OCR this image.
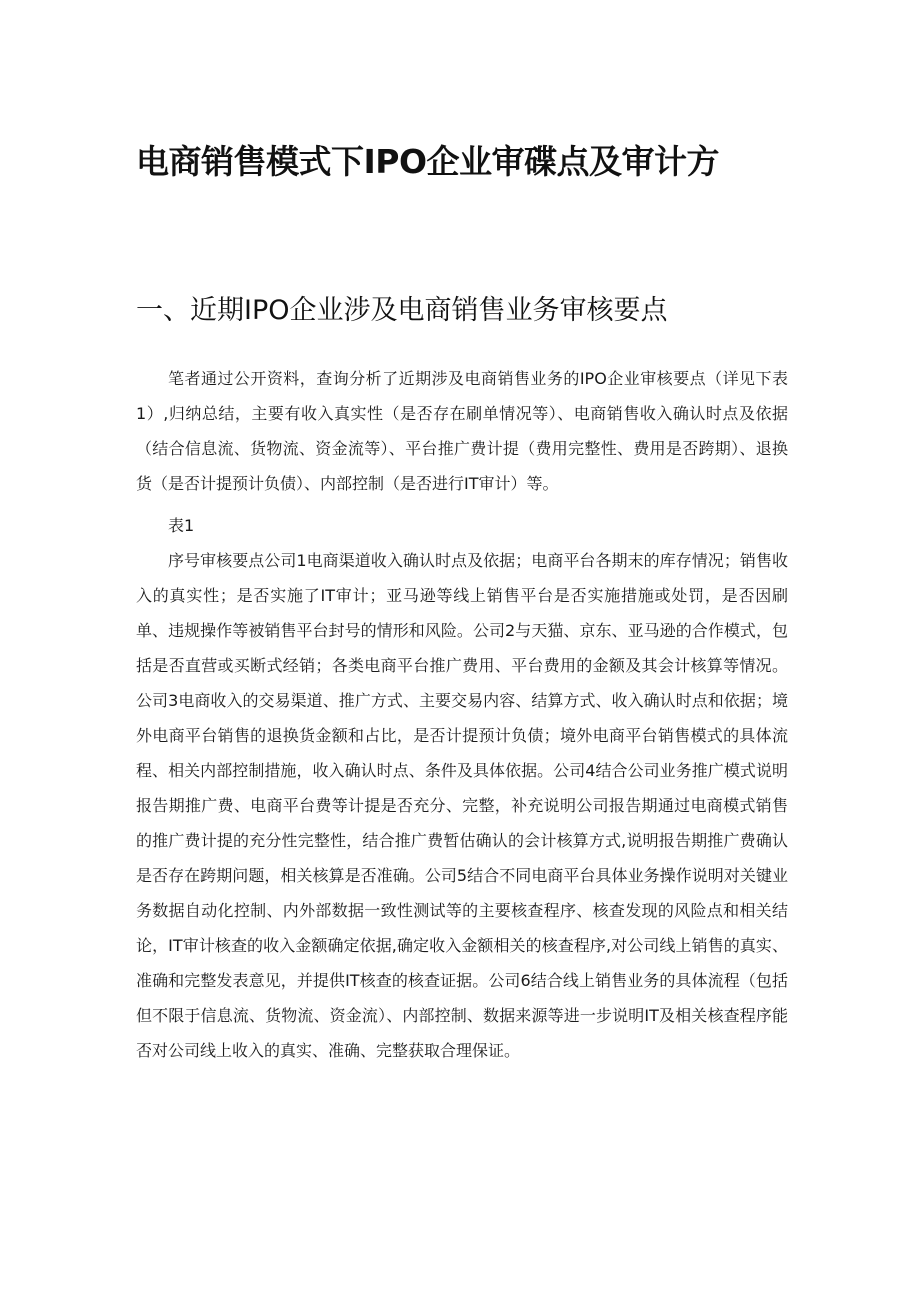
电商销售模式下IPO企业审碟点及审计方
一、近期IPO企业涉及电商销售业务审核要点

笔者通过公开资料，查询分析了近期涉及电商销售业务的IPO企业审核要点（详见下表1）,归纳总结，主要有收入真实性（是否存在刷单情况等）、电商销售收入确认时点及依据（结合信息流、货物流、资金流等）、平台推广费计提（费用完整性、费用是否跨期）、退换货（是否计提预计负债）、内部控制（是否进行IT审计）等。

表1

序号审核要点公司1电商渠道收入确认时点及依据；电商平台各期末的库存情况；销售收入的真实性；是否实施了IT审计；亚马逊等线上销售平台是否实施措施或处罚，是否因刷单、违规操作等被销售平台封号的情形和风险。公司2与天猫、京东、亚马逊的合作模式，包括是否直营或买断式经销；各类电商平台推广费用、平台费用的金额及其会计核算等情况。公司3电商收入的交易渠道、推广方式、主要交易内容、结算方式、收入确认时点和依据；境外电商平台销售的退换货金额和占比，是否计提预计负债；境外电商平台销售模式的具体流程、相关内部控制措施，收入确认时点、条件及具体依据。公司4结合公司业务推广模式说明报告期推广费、电商平台费等计提是否充分、完整，补充说明公司报告期通过电商模式销售的推广费计提的充分性完整性，结合推广费暂估确认的会计核算方式,说明报告期推广费确认是否存在跨期问题，相关核算是否准确。公司5结合不同电商平台具体业务操作说明对关键业务数据自动化控制、内外部数据一致性测试等的主要核查程序、核查发现的风险点和相关结论，IT审计核查的收入金额确定依据,确定收入金额相关的核查程序,对公司线上销售的真实、准确和完整发表意见，并提供IT核查的核查证据。公司6结合线上销售业务的具体流程（包括但不限于信息流、货物流、资金流）、内部控制、数据来源等进一步说明IT及相关核查程序能否对公司线上收入的真实、准确、完整获取合理保证。
